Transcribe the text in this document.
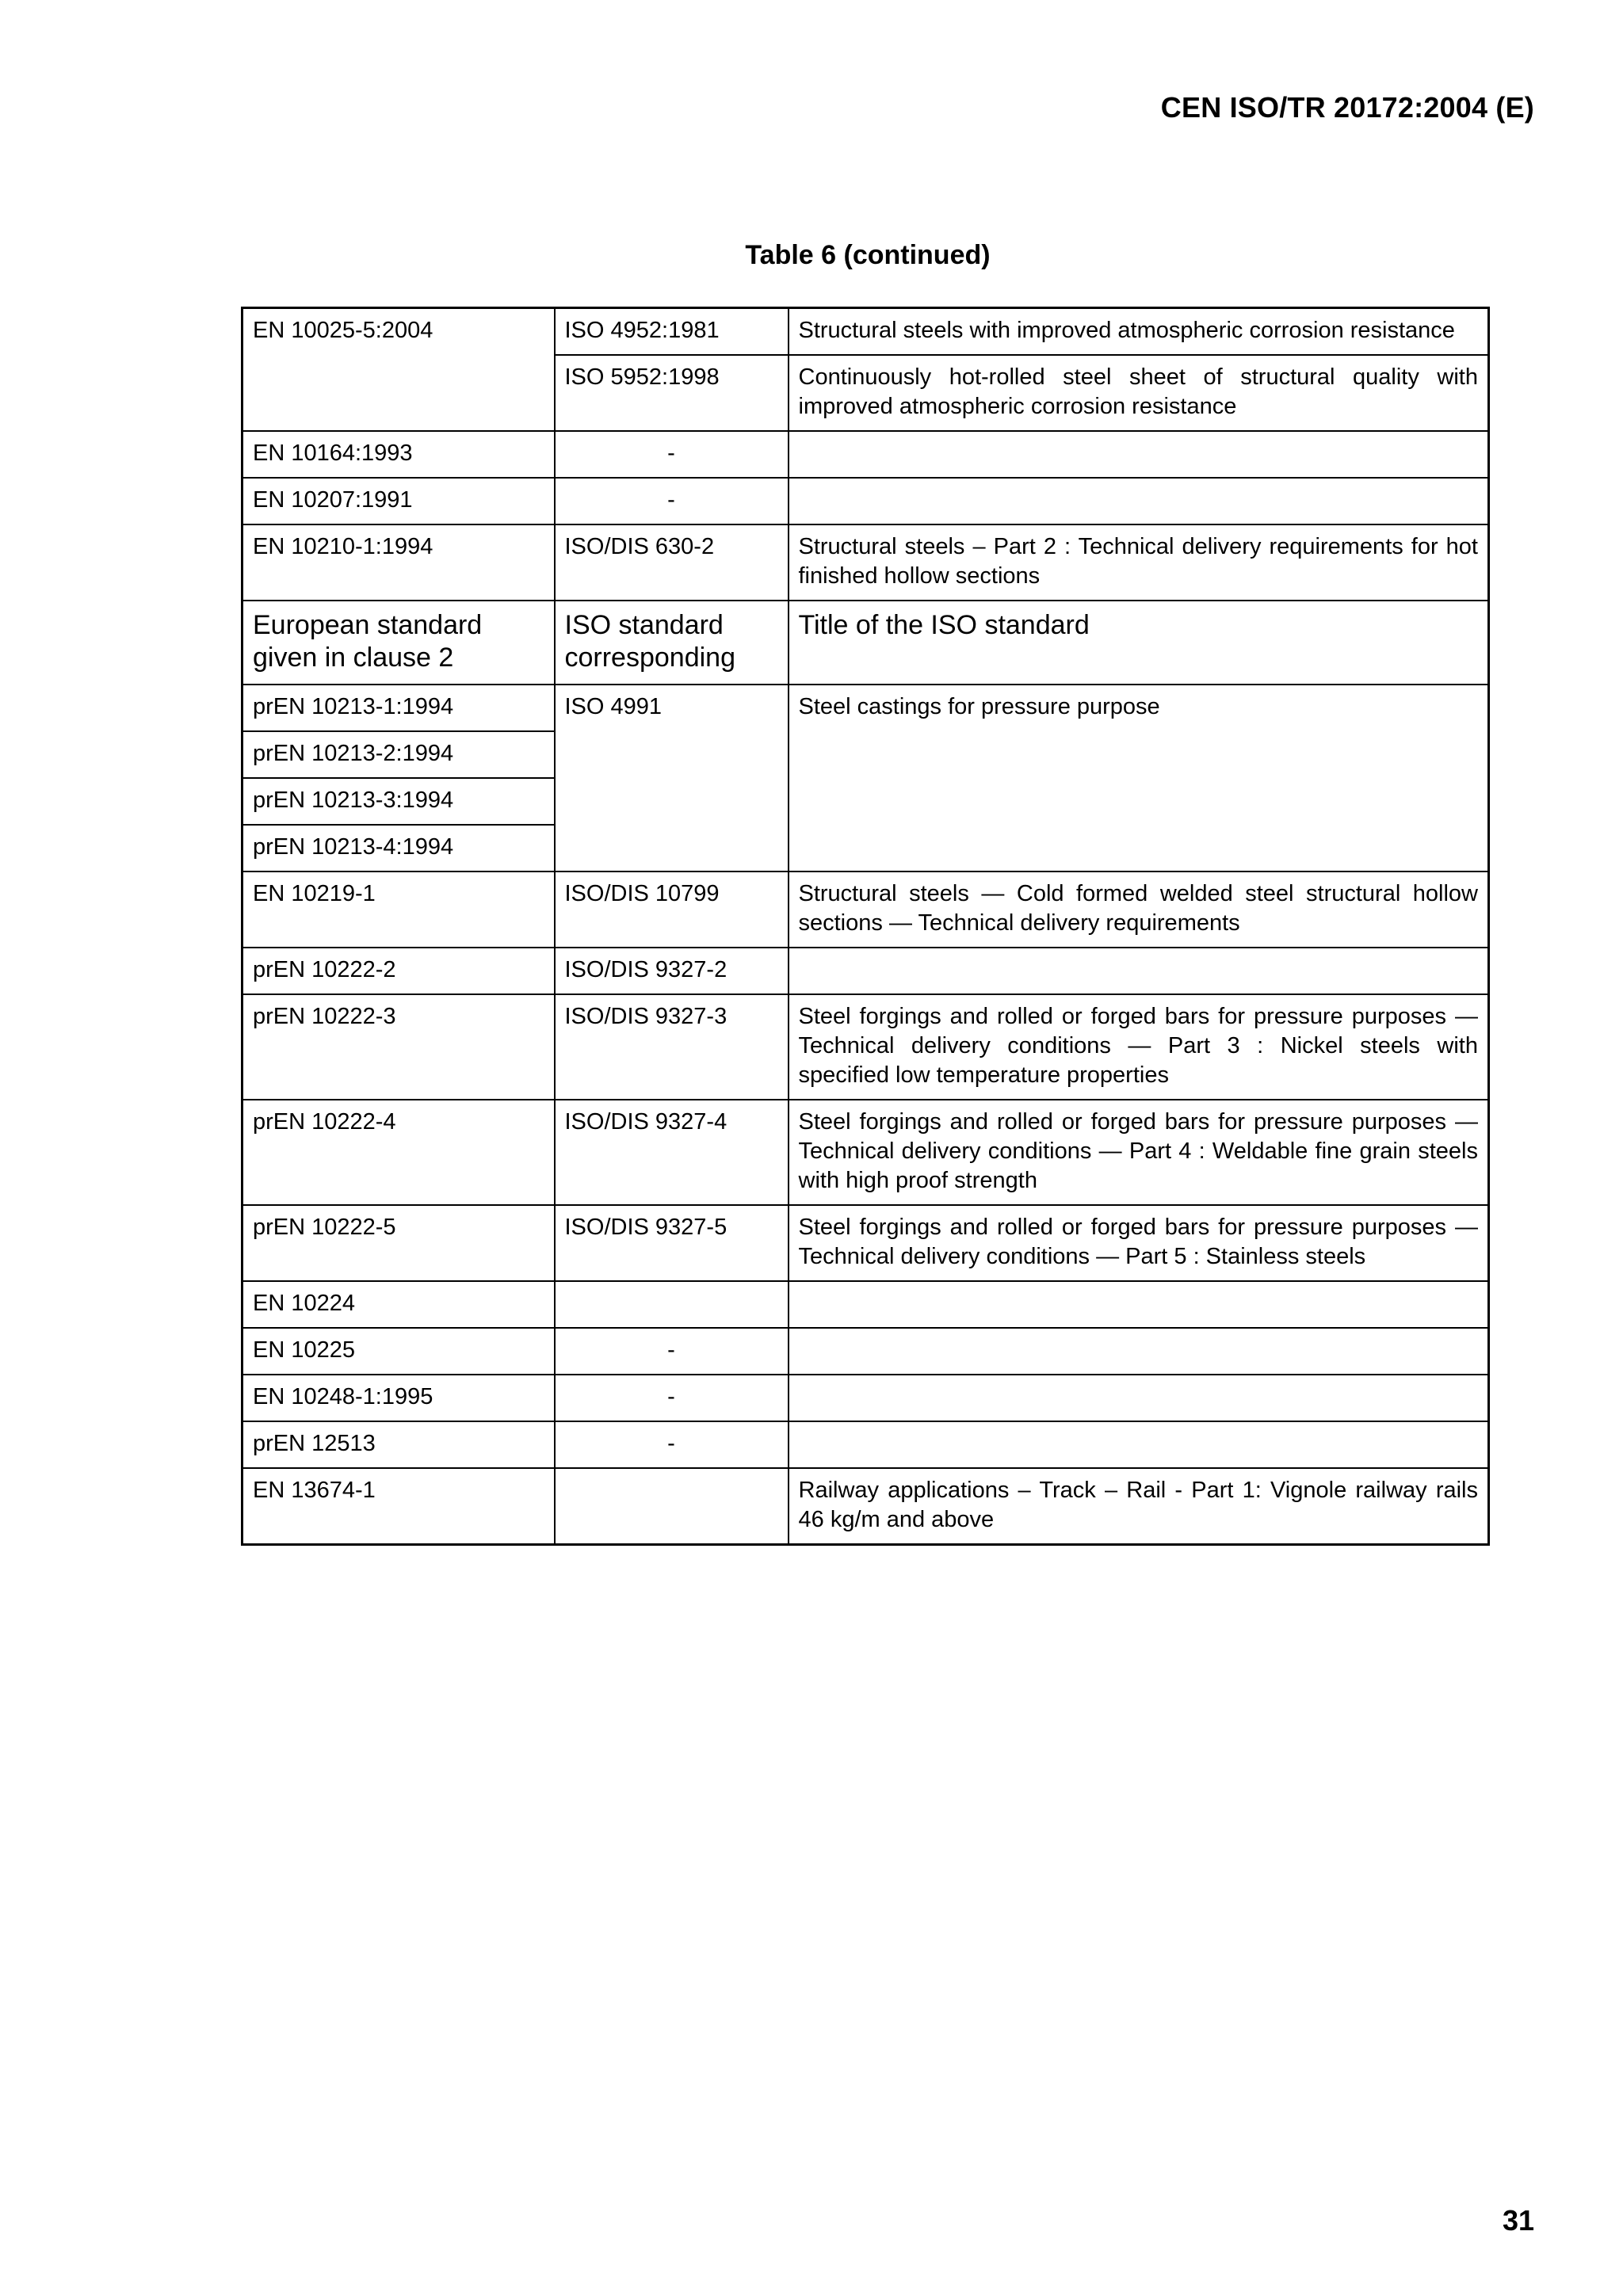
CEN ISO/TR 20172:2004 (E)
Table 6 (continued)
EN 10025-5:2004	ISO 4952:1981	Structural steels with improved atmospheric corrosion resistance
	ISO 5952:1998	Continuously hot-rolled steel sheet of structural quality with improved atmospheric corrosion resistance
EN 10164:1993	-	
EN 10207:1991	-	
EN 10210-1:1994	ISO/DIS 630-2	Structural steels – Part 2 : Technical delivery requirements for hot finished hollow sections
European standard given in clause 2	ISO standard corresponding	Title of the ISO standard
prEN 10213-1:1994	ISO 4991	Steel castings for pressure purpose
prEN 10213-2:1994		
prEN 10213-3:1994		
prEN 10213-4:1994		
EN 10219-1	ISO/DIS 10799	Structural steels — Cold formed welded steel structural hollow sections — Technical delivery requirements
prEN 10222-2	ISO/DIS 9327-2	
prEN 10222-3	ISO/DIS 9327-3	Steel forgings and rolled or forged bars for pressure purposes — Technical delivery conditions — Part 3 : Nickel steels with specified low temperature properties
prEN 10222-4	ISO/DIS 9327-4	Steel forgings and rolled or forged bars for pressure purposes — Technical delivery conditions — Part 4 : Weldable fine grain steels with high proof strength
prEN 10222-5	ISO/DIS 9327-5	Steel forgings and rolled or forged bars for pressure purposes — Technical delivery conditions — Part 5 : Stainless steels
EN 10224		
EN 10225	-	
EN 10248-1:1995	-	
prEN 12513	-	
EN 13674-1		Railway applications – Track – Rail - Part 1: Vignole railway rails 46 kg/m and above
31
